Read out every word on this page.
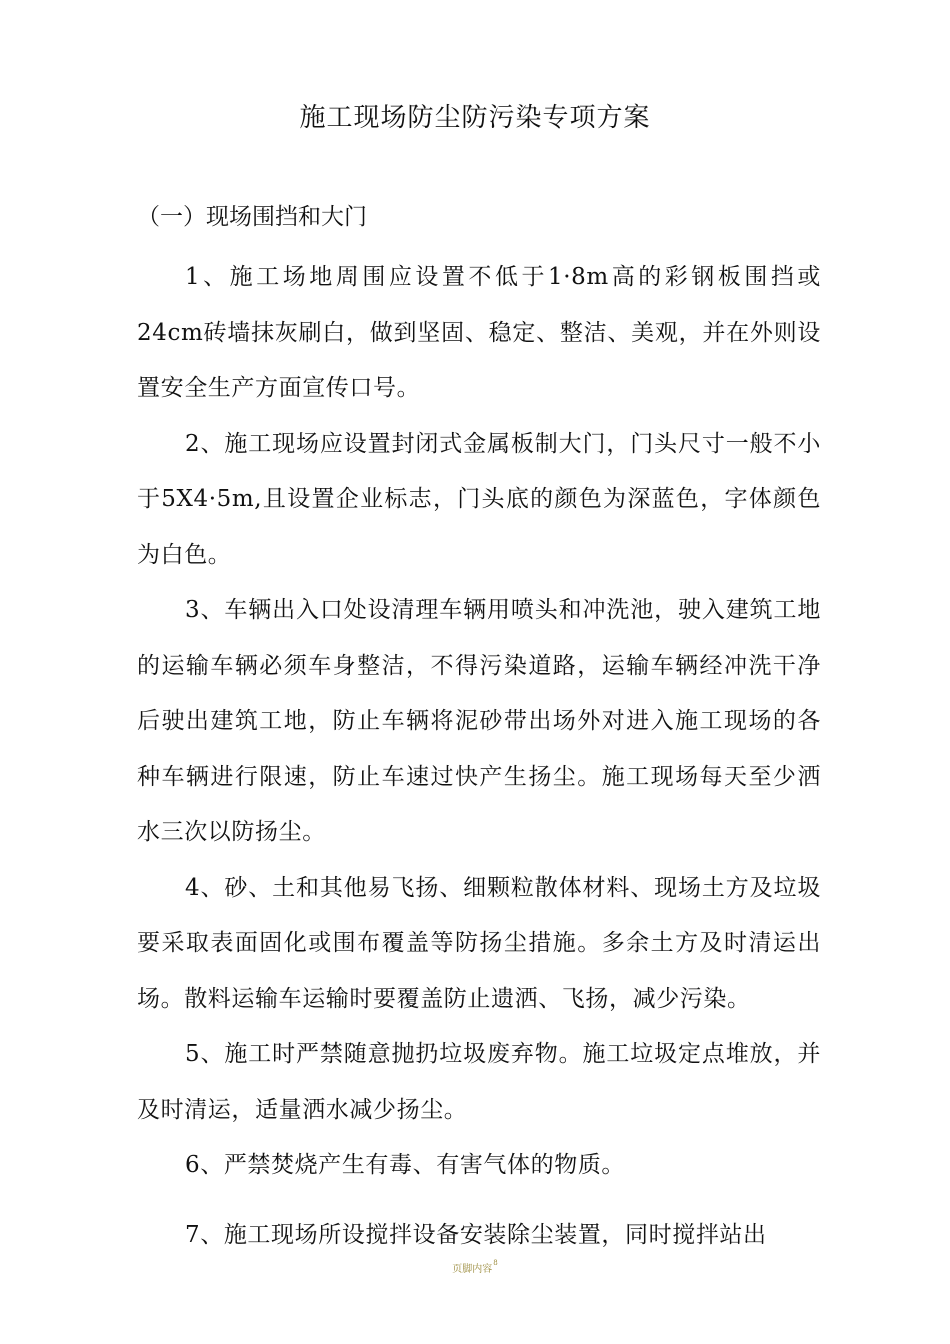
施工现场防尘防污染专项方案
（一）现场围挡和大门

1、施工场地周围应设置不低于1·8m高的彩钢板围挡或24cm砖墙抹灰刷白，做到坚固、稳定、整洁、美观，并在外则设置安全生产方面宣传口号。

2、施工现场应设置封闭式金属板制大门，门头尺寸一般不小于5X4·5m,且设置企业标志，门头底的颜色为深蓝色，字体颜色为白色。

3、车辆出入口处设清理车辆用喷头和冲洗池，驶入建筑工地的运输车辆必须车身整洁，不得污染道路，运输车辆经冲洗干净后驶出建筑工地，防止车辆将泥砂带出场外对进入施工现场的各种车辆进行限速，防止车速过快产生扬尘。施工现场每天至少洒水三次以防扬尘。

4、砂、土和其他易飞扬、细颗粒散体材料、现场土方及垃圾要采取表面固化或围布覆盖等防扬尘措施。多余土方及时清运出场。散料运输车运输时要覆盖防止遗洒、飞扬，减少污染。

5、施工时严禁随意抛扔垃圾废弃物。施工垃圾定点堆放，并及时清运，适量洒水减少扬尘。

6、严禁焚烧产生有毒、有害气体的物质。

7、施工现场所设搅拌设备安装除尘装置，同时搅拌站出

页脚内容$^8$
